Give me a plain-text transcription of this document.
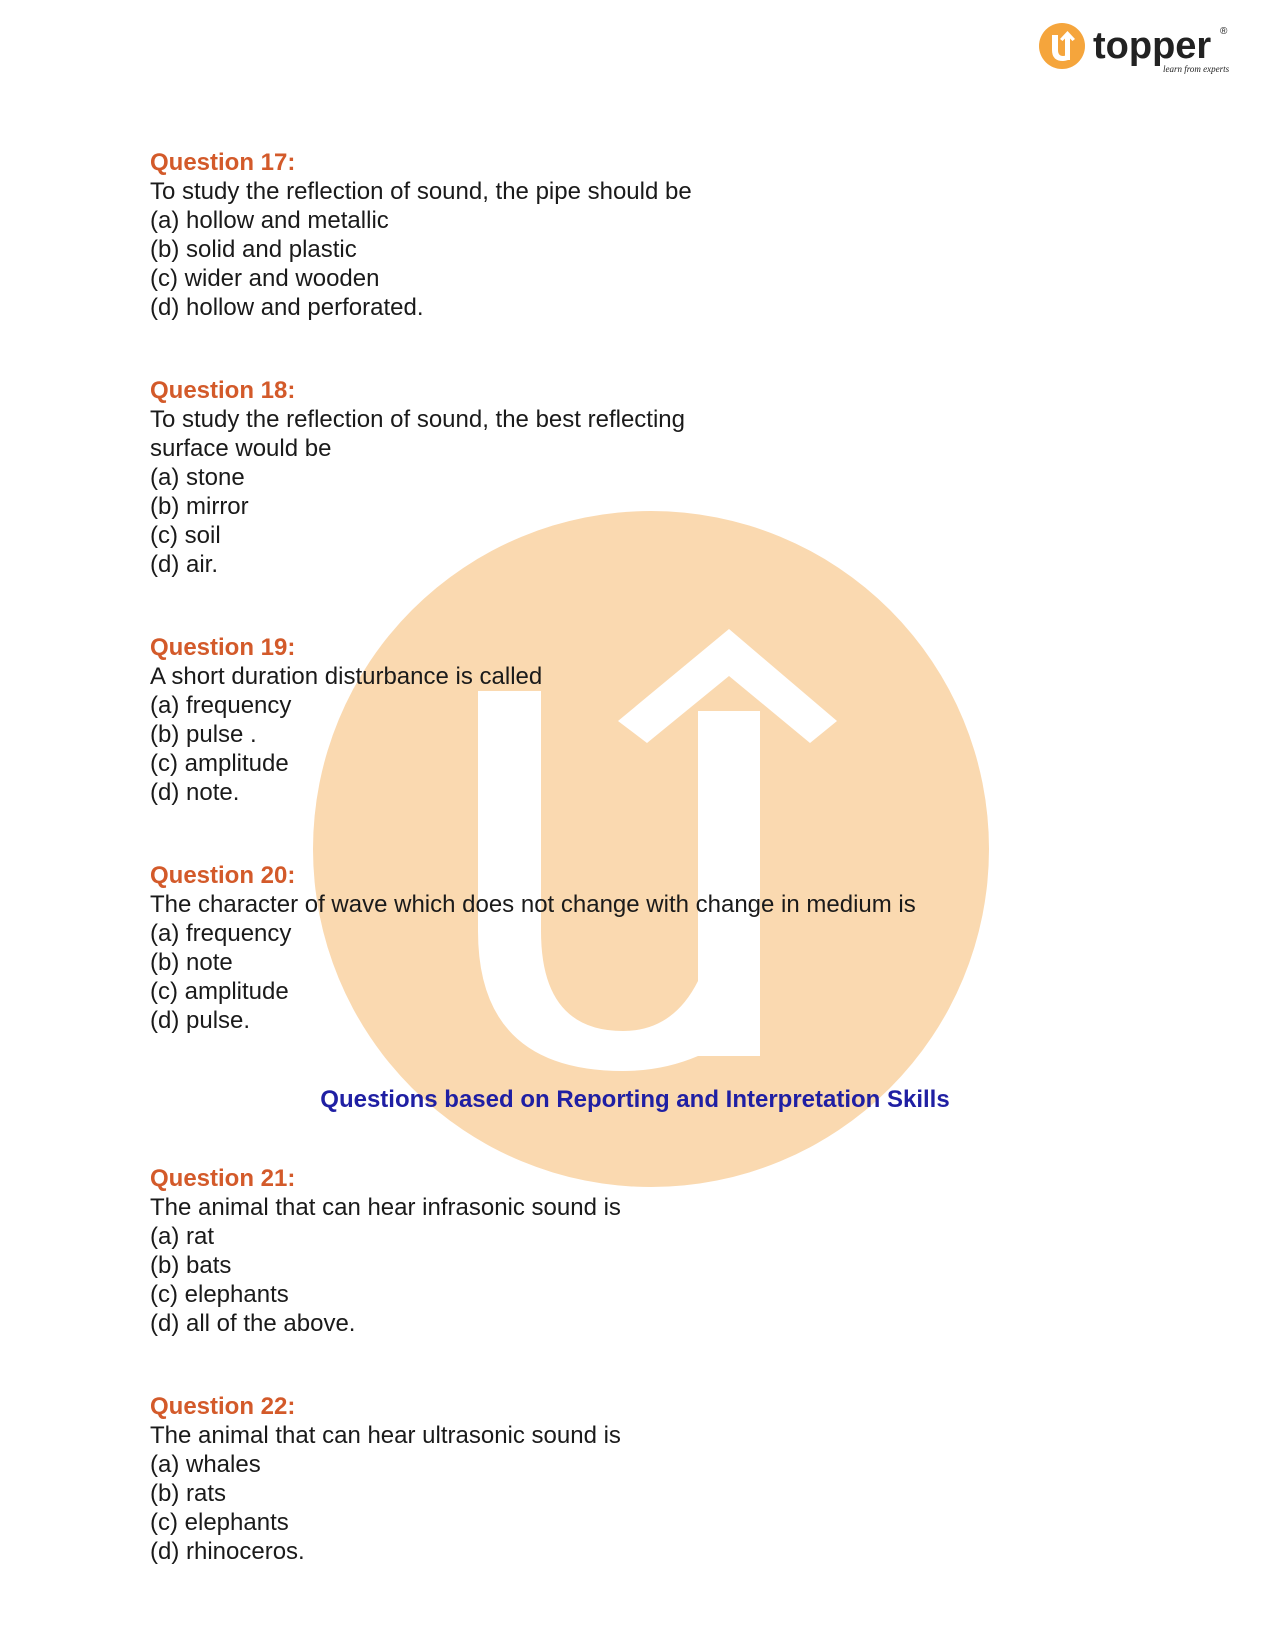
topper ®
learn from experts
Question 17:
To study the reflection of sound, the pipe should be
(a) hollow and metallic
(b) solid and plastic
(c) wider and wooden
(d) hollow and perforated.
Question 18:
To study the reflection of sound, the best reflecting
surface would be
(a) stone
(b) mirror
(c) soil
(d) air.
Question 19:
A short duration disturbance is called
(a) frequency
(b) pulse .
(c) amplitude
(d) note.
Question 20:
The character of wave which does not change with change in medium is
(a) frequency
(b) note
(c) amplitude
(d) pulse.
Questions based on Reporting and Interpretation Skills
Question 21:
The animal that can hear infrasonic sound is
(a) rat
(b) bats
(c) elephants
(d) all of the above.
Question 22:
The animal that can hear ultrasonic sound is
(a) whales
(b) rats
(c) elephants
(d) rhinoceros.
